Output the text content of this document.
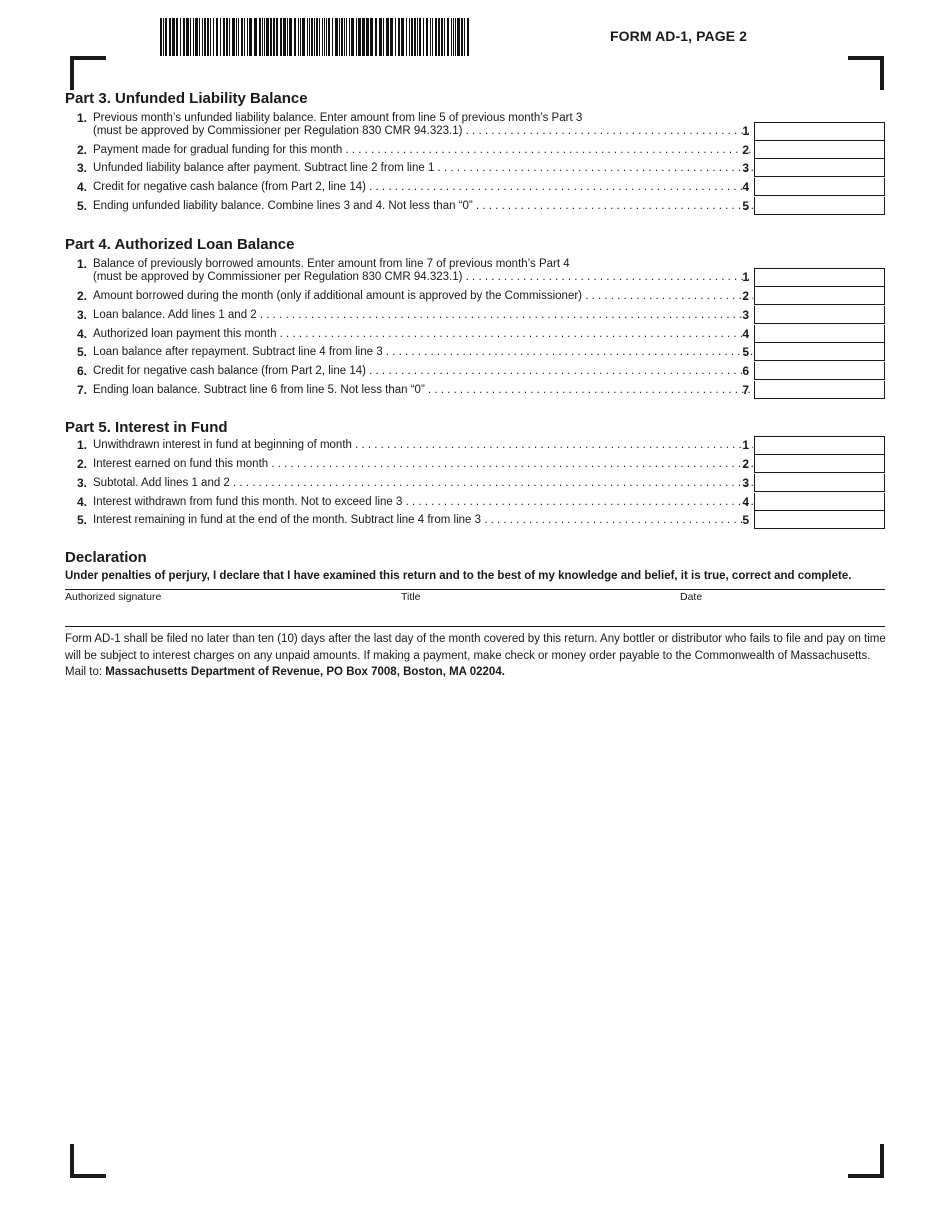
FORM AD-1, PAGE 2
Part 3. Unfunded Liability Balance
1. Previous month’s unfunded liability balance. Enter amount from line 5 of previous month’s Part 3
(must be approved by Commissioner per Regulation 830 CMR 94.323.1) . . .	1
2. Payment made for gradual funding for this month . . .	2
3. Unfunded liability balance after payment. Subtract line 2 from line 1 . . .	3
4. Credit for negative cash balance (from Part 2, line 14) . . .	4
5. Ending unfunded liability balance. Combine lines 3 and 4. Not less than “0” . . .	5
Part 4. Authorized Loan Balance
1. Balance of previously borrowed amounts. Enter amount from line 7 of previous month’s Part 4
(must be approved by Commissioner per Regulation 830 CMR 94.323.1) . . .	1
2. Amount borrowed during the month (only if additional amount is approved by the Commissioner) . . .	2
3. Loan balance. Add lines 1 and 2 . . .	3
4. Authorized loan payment this month . . .	4
5. Loan balance after repayment. Subtract line 4 from line 3 . . .	5
6. Credit for negative cash balance (from Part 2, line 14) . . .	6
7. Ending loan balance. Subtract line 6 from line 5. Not less than “0” . . .	7
Part 5. Interest in Fund
1. Unwithdrawn interest in fund at beginning of month . . .	1
2. Interest earned on fund this month . . .	2
3. Subtotal. Add lines 1 and 2 . . .	3
4. Interest withdrawn from fund this month. Not to exceed line 3 . . .	4
5. Interest remaining in fund at the end of the month. Subtract line 4 from line 3 . . .	5
Declaration
Under penalties of perjury, I declare that I have examined this return and to the best of my knowledge and belief, it is true, correct and complete.
Authorized signature	Title	Date
Form AD-1 shall be filed no later than ten (10) days after the last day of the month covered by this return. Any bottler or distributor who fails to file and pay on time will be subject to interest charges on any unpaid amounts. If making a payment, make check or money order payable to the Commonwealth of Massachusetts. Mail to: Massachusetts Department of Revenue, PO Box 7008, Boston, MA 02204.
